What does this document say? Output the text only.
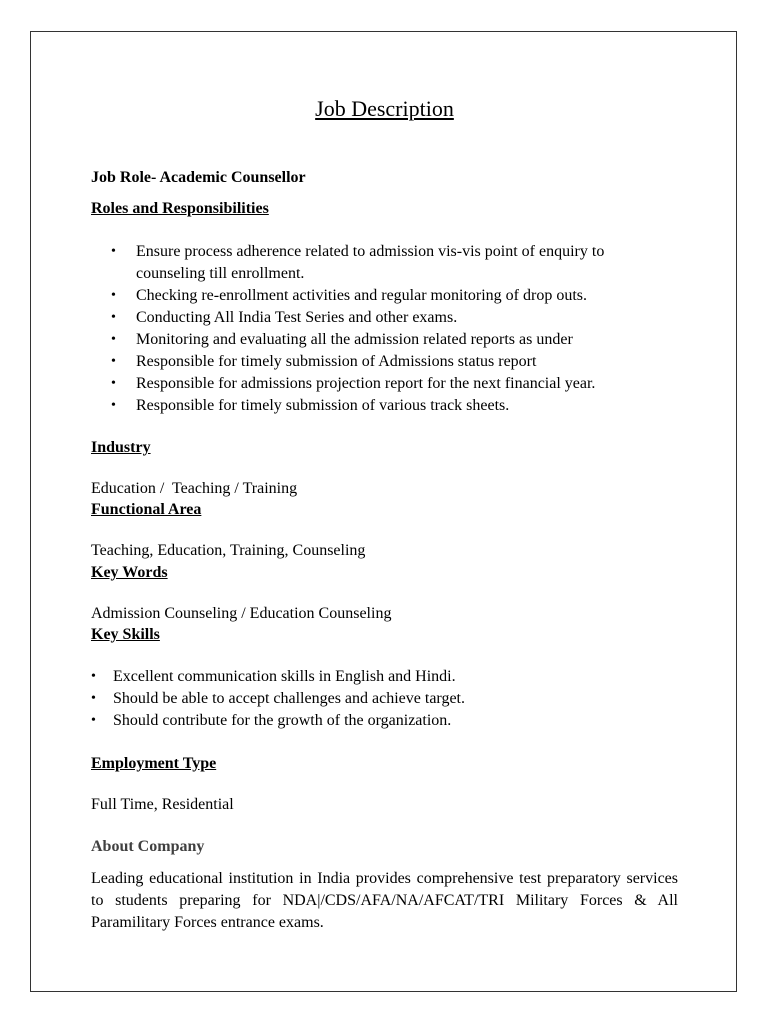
Job Description

Job Role- Academic Counsellor

Roles and Responsibilities

• Ensure process adherence related to admission vis-vis point of enquiry to counseling till enrollment.
• Checking re-enrollment activities and regular monitoring of drop outs.
• Conducting All India Test Series and other exams.
• Monitoring and evaluating all the admission related reports as under
• Responsible for timely submission of Admissions status report
• Responsible for admissions projection report for the next financial year.
• Responsible for timely submission of various track sheets.

Industry

Education /  Teaching / Training

Functional Area

Teaching, Education, Training, Counseling

Key Words

Admission Counseling / Education Counseling

Key Skills

• Excellent communication skills in English and Hindi.
• Should be able to accept challenges and achieve target.
• Should contribute for the growth of the organization.

Employment Type

Full Time, Residential

About Company

Leading educational institution in India provides comprehensive test preparatory services to students preparing for NDA|/CDS/AFA/NA/AFCAT/TRI Military Forces & All Paramilitary Forces entrance exams.
